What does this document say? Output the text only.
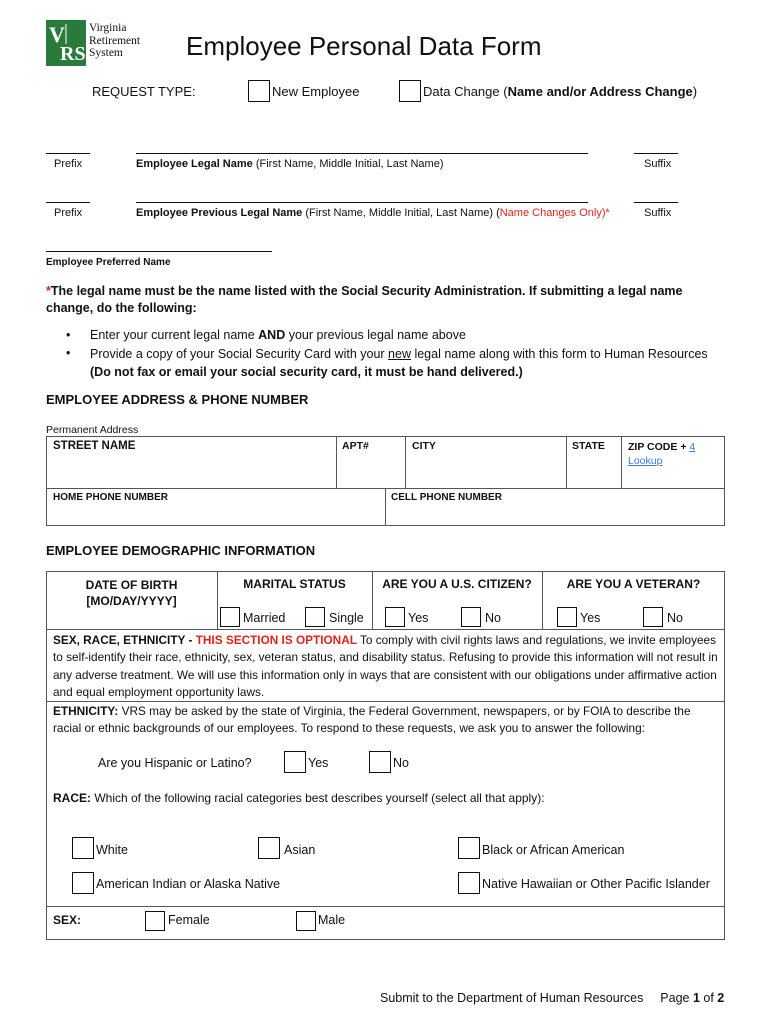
V
RS
Virginia
Retirement
System	Employee Personal Data Form
REQUEST TYPE:	New Employee	Data Change (Name and/or Address Change)
Prefix	Employee Legal Name (First Name, Middle Initial, Last Name)	Suffix
Prefix	Employee Previous Legal Name (First Name, Middle Initial, Last Name) (Name Changes Only)*	Suffix
Employee Preferred Name
*The legal name must be the name listed with the Social Security Administration. If submitting a legal name change, do the following:
• Enter your current legal name AND your previous legal name above
• Provide a copy of your Social Security Card with your new legal name along with this form to Human Resources
(Do not fax or email your social security card, it must be hand delivered.)
EMPLOYEE ADDRESS & PHONE NUMBER
Permanent Address
STREET NAME	APT#	CITY	STATE ZIP CODE + 4
Lookup
HOME PHONE NUMBER	CELL PHONE NUMBER
EMPLOYEE DEMOGRAPHIC INFORMATION
DATE OF BIRTH
[MO/DAY/YYYY]
MARITAL STATUS	ARE YOU A U.S. CITIZEN?	ARE YOU A VETERAN?
Married	Single	Yes	No	Yes	No
SEX, RACE, ETHNICITY - THIS SECTION IS OPTIONAL To comply with civil rights laws and regulations, we invite employees to self-identify their race, ethnicity, sex, veteran status, and disability status. Refusing to provide this information will not result in any adverse treatment. We will use this information only in ways that are consistent with our obligations under affirmative action and equal employment opportunity laws.
ETHNICITY: VRS may be asked by the state of Virginia, the Federal Government, newspapers, or by FOIA to describe the racial or ethnic backgrounds of our employees. To respond to these requests, we ask you to answer the following:
Are you Hispanic or Latino?	Yes	No
RACE: Which of the following racial categories best describes yourself (select all that apply):
White	Asian	Black or African American
American Indian or Alaska Native	Native Hawaiian or Other Pacific Islander
SEX:	Female	Male
Submit to the Department of Human Resources Page 1 of 2
